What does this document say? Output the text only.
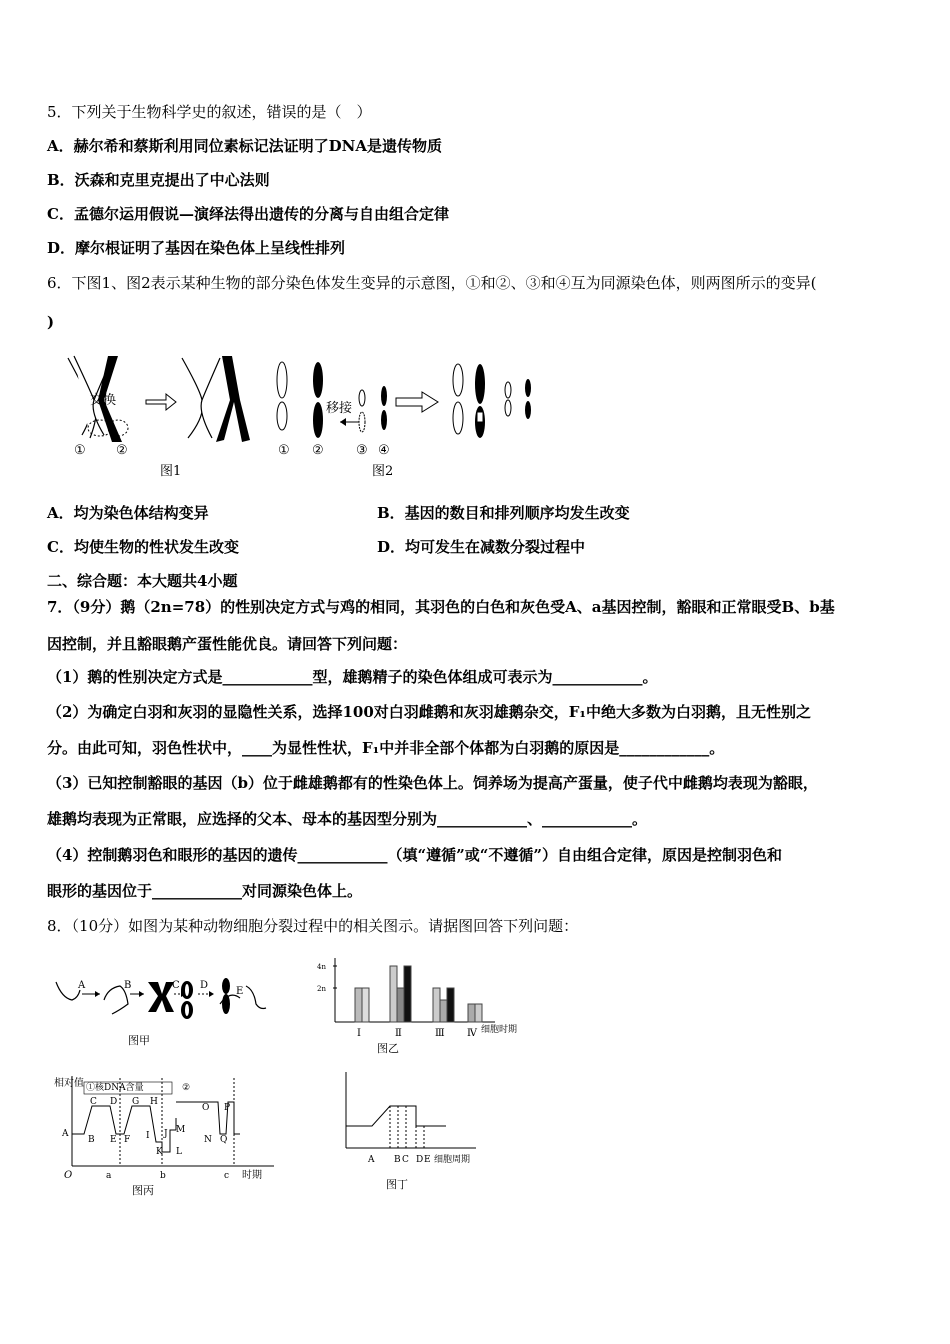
5．下列关于生物科学史的叙述，错误的是（　）
A．赫尔希和蔡斯利用同位素标记法证明了DNA是遗传物质
B．沃森和克里克提出了中心法则
C．孟德尔运用假说—演绎法得出遗传的分离与自由组合定律
D．摩尔根证明了基因在染色体上呈线性排列
6．下图1、图2表示某种生物的部分染色体发生变异的示意图，①和②、③和④互为同源染色体，则两图所示的变异(
)
交换
① ②
图1
移接
① ② ③ ④
图2
A．均为染色体结构变异	B．基因的数目和排列顺序均发生改变
C．均使生物的性状发生改变	D．均可发生在减数分裂过程中
二、综合题：本大题共4小题
7．（9分）鹅（2n=78）的性别决定方式与鸡的相同，其羽色的白色和灰色受A、a基因控制，豁眼和正常眼受B、b基
因控制，并且豁眼鹅产蛋性能优良。请回答下列问题：
（1）鹅的性别决定方式是____________型，雄鹅精子的染色体组成可表示为____________。
（2）为确定白羽和灰羽的显隐性关系，选择100对白羽雌鹅和灰羽雄鹅杂交，F₁中绝大多数为白羽鹅，且无性别之
分。由此可知，羽色性状中，____为显性性状，F₁中并非全部个体都为白羽鹅的原因是____________。
（3）已知控制豁眼的基因（b）位于雌雄鹅都有的性染色体上。饲养场为提高产蛋量，使子代中雌鹅均表现为豁眼，
雄鹅均表现为正常眼，应选择的父本、母本的基因型分别为____________、____________。
（4）控制鹅羽色和眼形的基因的遗传____________（填“遵循”或“不遵循”）自由组合定律，原因是控制羽色和
眼形的基因位于____________对同源染色体上。
8．（10分）如图为某种动物细胞分裂过程中的相关图示。请据图回答下列问题：
A	B	C D
E
图甲
4n
2n
Ⅰ	Ⅱ	Ⅲ Ⅳ 细胞时期
图乙
相对值 ①核DNA含量	②
A
B
C D
E F
G H
I J
K L
M
N
O P
Q
O	a	b	c 时期
图丙
A B C D E 细胞周期
图丁
